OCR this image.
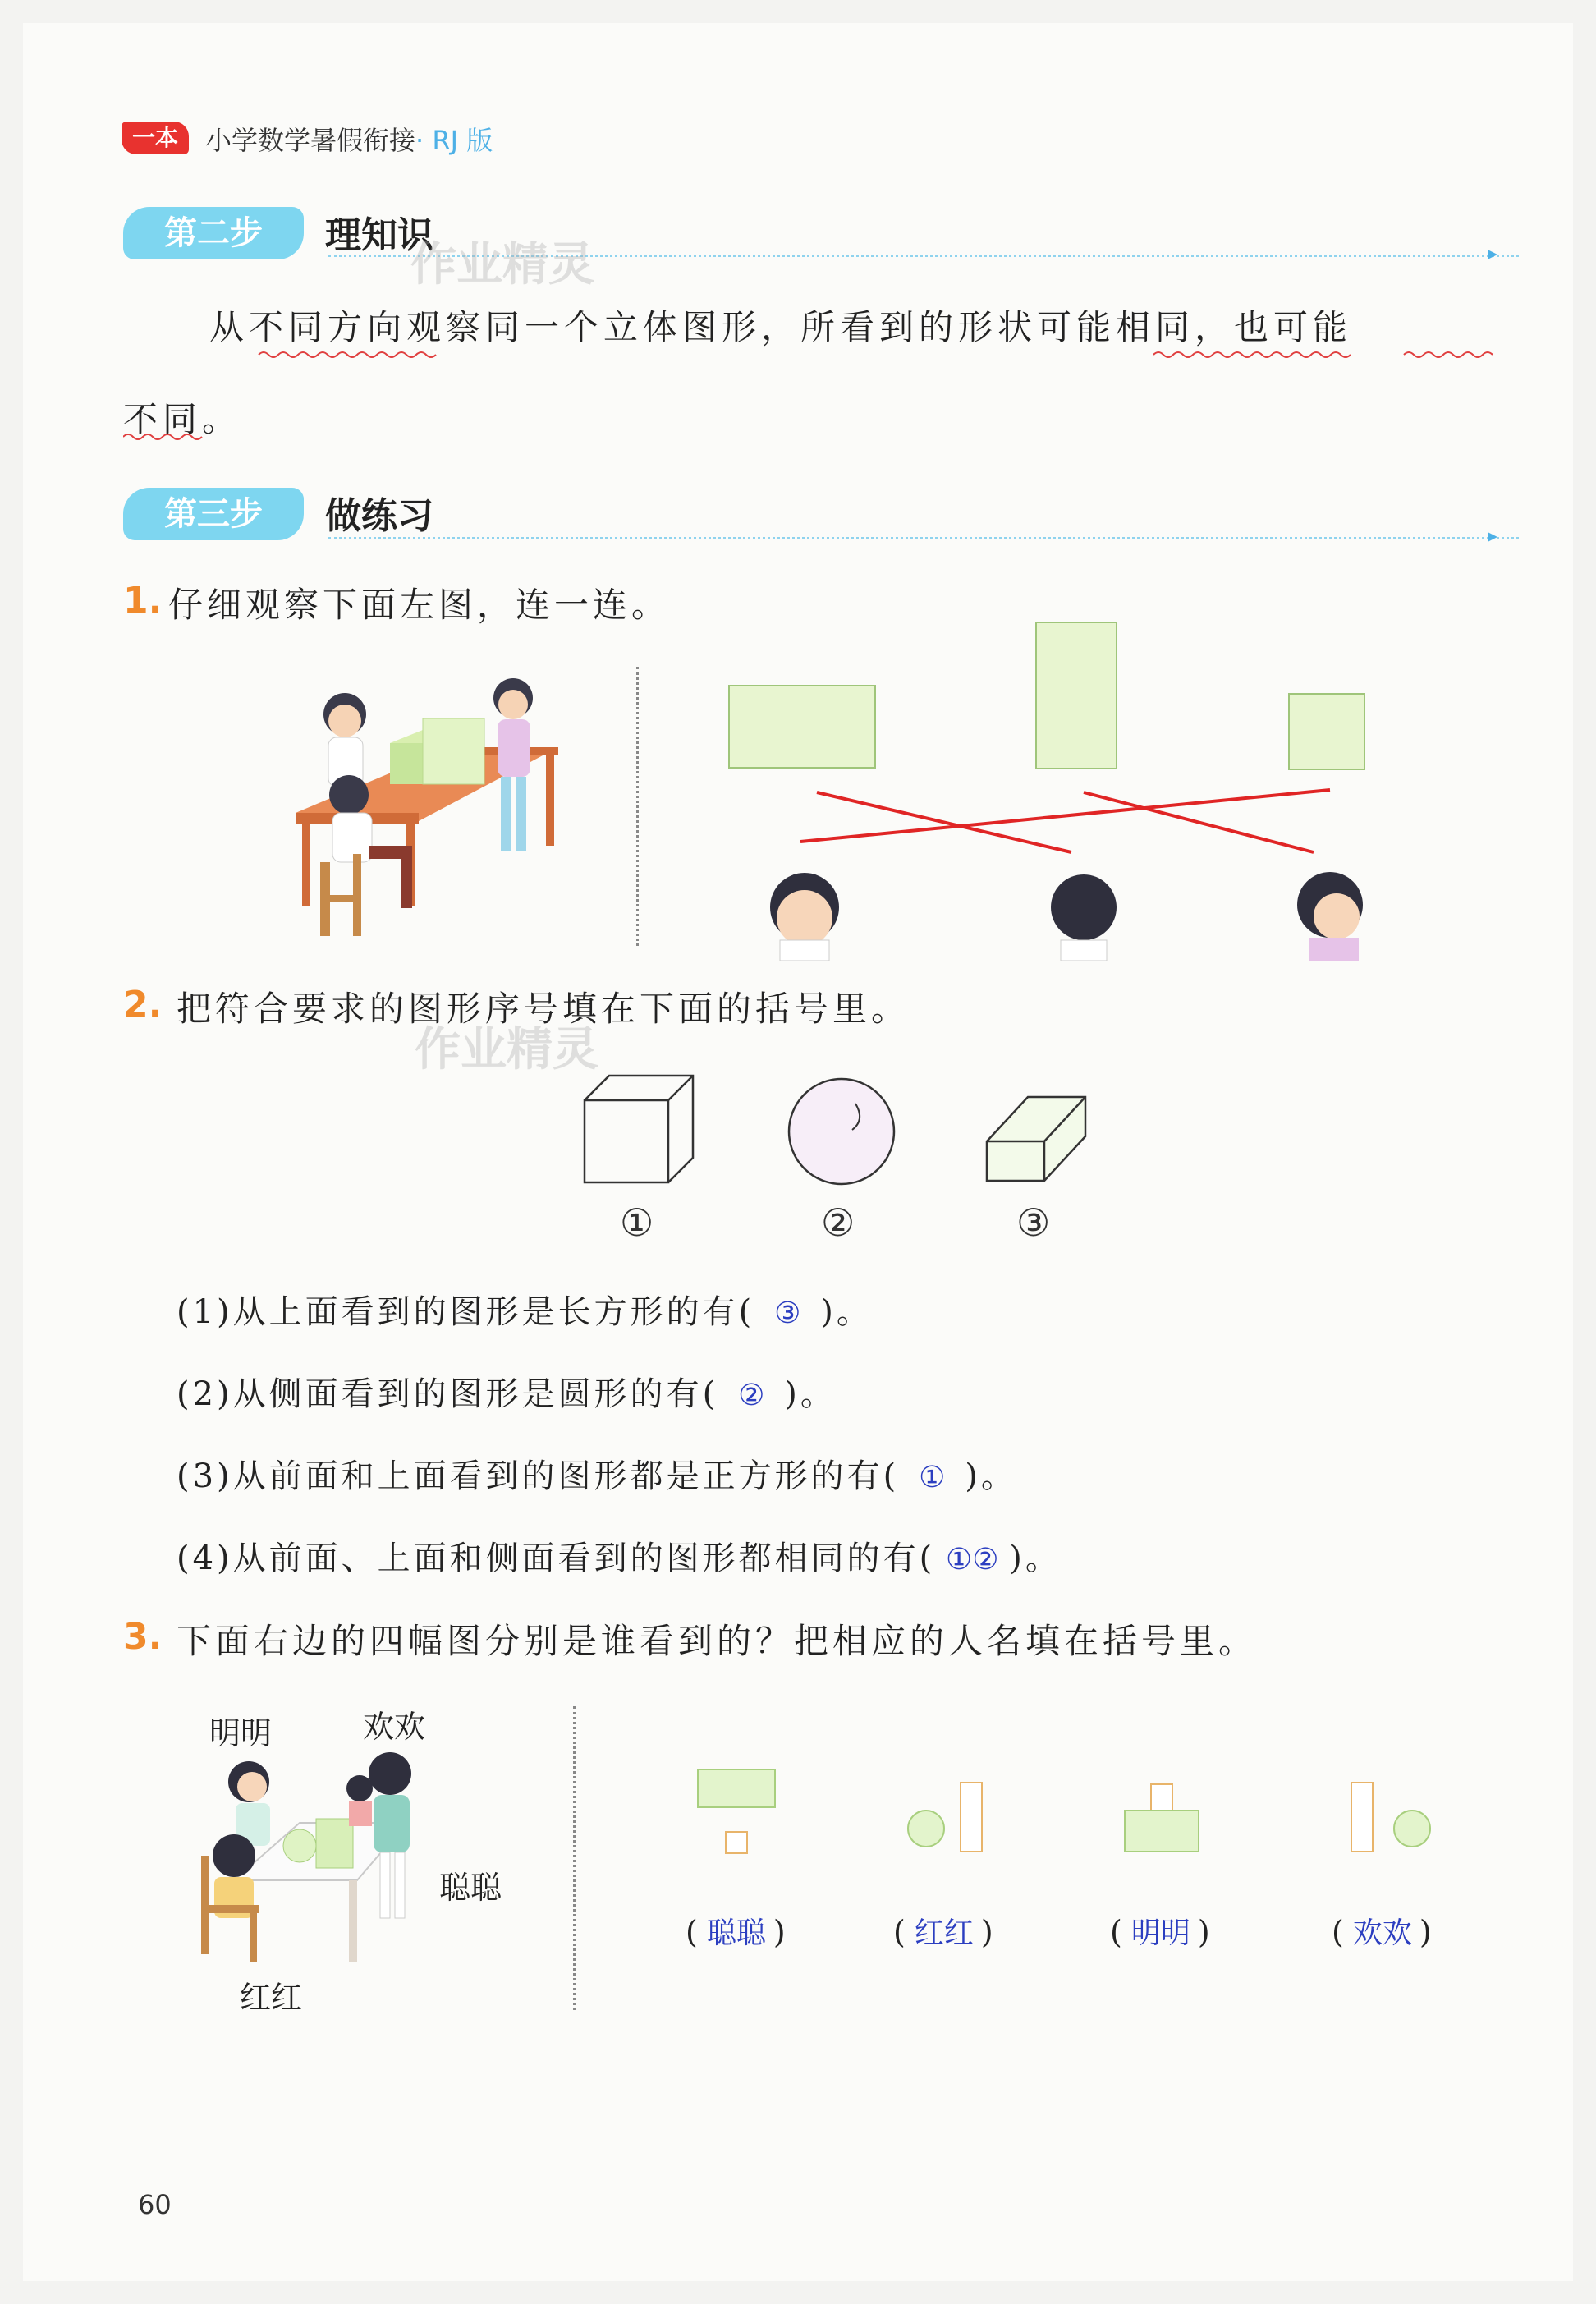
一本	小学数学暑假衔接· RJ 版
第二步	理知识
作业精灵
从不同方向观察同一个立体图形，所看到的形状可能相同，也可能
不同。
第三步	做练习
1. 仔细观察下面左图，连一连。
2. 把符合要求的图形序号填在下面的括号里。
作业精灵
①	②	③
(1)从上面看到的图形是长方形的有( ③ )。
(2)从侧面看到的图形是圆形的有( ② )。
(3)从前面和上面看到的图形都是正方形的有( ① )。
(4)从前面、上面和侧面看到的图形都相同的有( ①② )。
3. 下面右边的四幅图分别是谁看到的？把相应的人名填在括号里。
明明	欢欢
聪聪
红红
( 聪聪 )	( 红红 )	( 明明 )	( 欢欢 )
60
